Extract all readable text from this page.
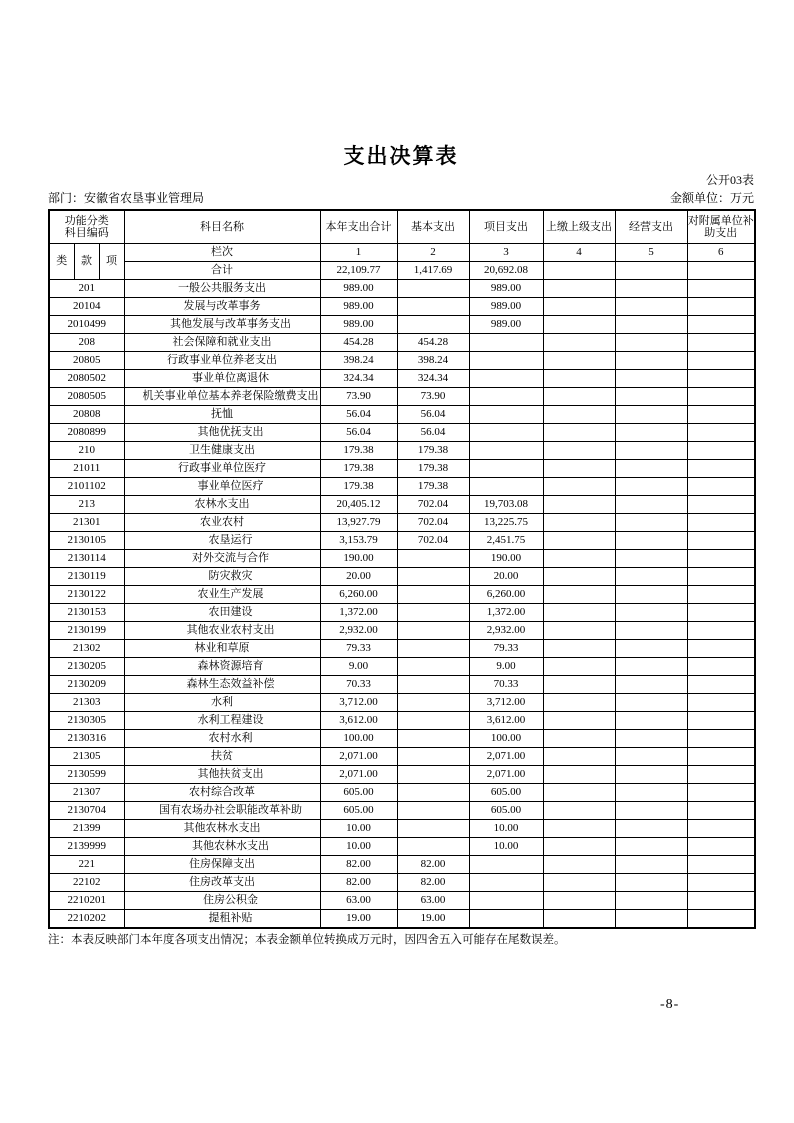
支出决算表
公开03表
部门：安徽省农垦事业管理局	金额单位：万元
功能分类
科目编码			科目名称	本年支出合计	基本支出	项目支出	上缴上级支出	经营支出	对附属单位补助支出
类	款	项	栏次	1	2	3	4	5	6
			合计	22,109.77	1,417.69	20,692.08			
201			一般公共服务支出	989.00		989.00			
20104			发展与改革事务	989.00		989.00			
2010499			其他发展与改革事务支出	989.00		989.00			
208			社会保障和就业支出	454.28	454.28				
20805			行政事业单位养老支出	398.24	398.24				
2080502			事业单位离退休	324.34	324.34				
2080505			机关事业单位基本养老保险缴费支出	73.90	73.90				
20808			抚恤	56.04	56.04				
2080899			其他优抚支出	56.04	56.04				
210			卫生健康支出	179.38	179.38				
21011			行政事业单位医疗	179.38	179.38				
2101102			事业单位医疗	179.38	179.38				
213			农林水支出	20,405.12	702.04	19,703.08			
21301			农业农村	13,927.79	702.04	13,225.75			
2130105			农垦运行	3,153.79	702.04	2,451.75			
2130114			对外交流与合作	190.00		190.00			
2130119			防灾救灾	20.00		20.00			
2130122			农业生产发展	6,260.00		6,260.00			
2130153			农田建设	1,372.00		1,372.00			
2130199			其他农业农村支出	2,932.00		2,932.00			
21302			林业和草原	79.33		79.33			
2130205			森林资源培育	9.00		9.00			
2130209			森林生态效益补偿	70.33		70.33			
21303			水利	3,712.00		3,712.00			
2130305			水利工程建设	3,612.00		3,612.00			
2130316			农村水利	100.00		100.00			
21305			扶贫	2,071.00		2,071.00			
2130599			其他扶贫支出	2,071.00		2,071.00			
21307			农村综合改革	605.00		605.00			
2130704			国有农场办社会职能改革补助	605.00		605.00			
21399			其他农林水支出	10.00		10.00			
2139999			其他农林水支出	10.00		10.00			
221			住房保障支出	82.00	82.00				
22102			住房改革支出	82.00	82.00				
2210201			住房公积金	63.00	63.00				
2210202			提租补贴	19.00	19.00				
注：本表反映部门本年度各项支出情况；本表金额单位转换成万元时，因四舍五入可能存在尾数误差。
-8-
